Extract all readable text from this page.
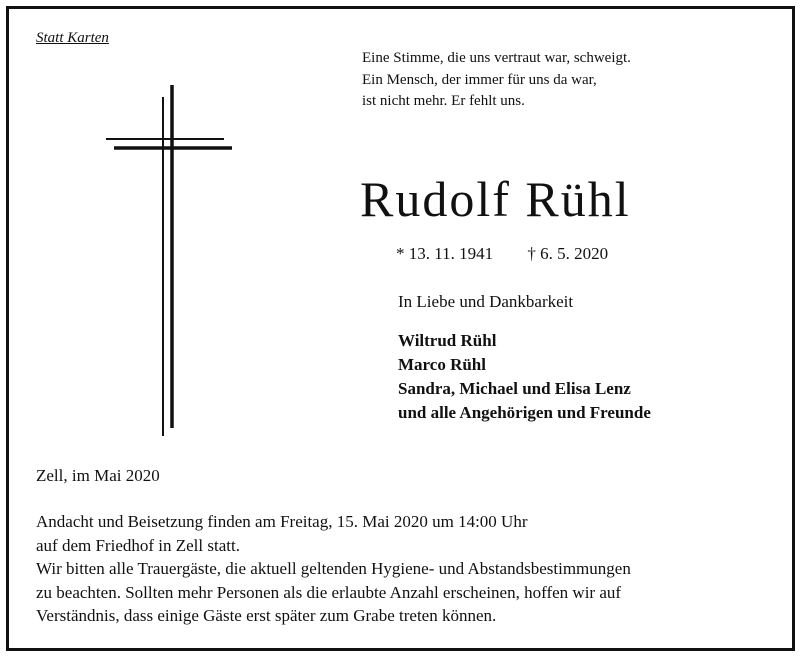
Statt Karten
Eine Stimme, die uns vertraut war, schweigt.
Ein Mensch, der immer für uns da war,
ist nicht mehr. Er fehlt uns.
Rudolf Rühl
* 13. 11. 1941 † 6. 5. 2020
In Liebe und Dankbarkeit
Wiltrud Rühl
Marco Rühl
Sandra, Michael und Elisa Lenz
und alle Angehörigen und Freunde
Zell, im Mai 2020
Andacht und Beisetzung finden am Freitag, 15. Mai 2020 um 14:00 Uhr
auf dem Friedhof in Zell statt.
Wir bitten alle Trauergäste, die aktuell geltenden Hygiene- und Abstandsbestimmungen
zu beachten. Sollten mehr Personen als die erlaubte Anzahl erscheinen, hoffen wir auf
Verständnis, dass einige Gäste erst später zum Grabe treten können.
